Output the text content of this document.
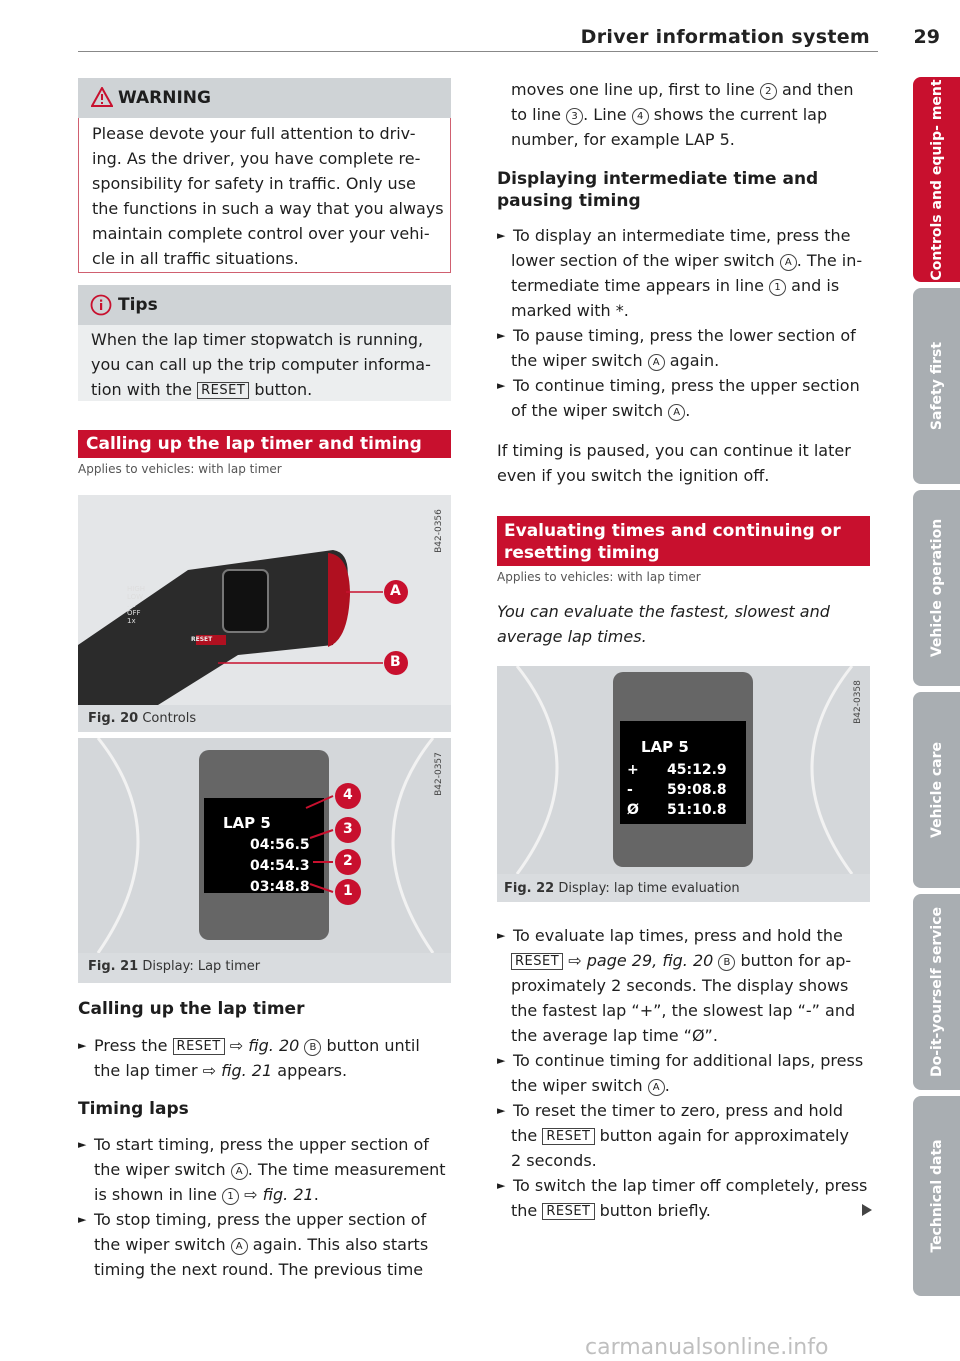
Driver information system	29
WARNING

Please devote your full attention to driv-

ing. As the driver, you have complete re-

sponsibility for safety in traffic. Only use

the functions in such a way that you always

maintain complete control over your vehi-

cle in all traffic situations.

Tips

When the lap timer stopwatch is running,

you can call up the trip computer informa-

tion with the RESET button.

Calling up the lap timer and timing
Applies to vehicles: with lap timer
HIGH
LOW
....
OFF
1x
RESET
A
B
B42-0356
Fig. 20 Controls
LAP 5
04:56.5
04:54.3
03:48.8
4
3
2
1
B42-0357
Fig. 21 Display: Lap timer
Calling up the lap timer

► Press the RESET ⇨ fig. 20 B button until

the lap timer ⇨ fig. 21 appears.

Timing laps

► To start timing, press the upper section of

the wiper switch A . The time measurement

is shown in line 1 ⇨ fig. 21.

► To stop timing, press the upper section of

the wiper switch A again. This also starts

timing the next round. The previous time

moves one line up, first to line 2 and then

to line 3 . Line 4 shows the current lap

number, for example LAP 5.

Displaying intermediate time and pausing timing

► To display an intermediate time, press the

lower section of the wiper switch A . The in-

termediate time appears in line 1 and is

marked with *.

► To pause timing, press the lower section of

the wiper switch A again.

► To continue timing, press the upper section

of the wiper switch A .

If timing is paused, you can continue it later

even if you switch the ignition off.

Evaluating times and continuing or
resetting timing
Applies to vehicles: with lap timer

You can evaluate the fastest, slowest and

average lap times.

LAP 5
+ 45:12.9
- 59:08.8
Ø 51:10.8
B42-0358
Fig. 22 Display: lap time evaluation

► To evaluate lap times, press and hold the

RESET ⇨ page 29, fig. 20 B button for ap-

proximately 2 seconds. The display shows

the fastest lap “+”, the slowest lap “-” and

the average lap time “Ø”.

► To continue timing for additional laps, press

the wiper switch A .

► To reset the timer to zero, press and hold

the RESET button again for approximately

2 seconds.

► To switch the lap timer off completely, press

the RESET button briefly.

Controls and equip- ment
Safety first
Vehicle operation
Vehicle care
Do-it-yourself service
Technical data
carmanualsonline.info
